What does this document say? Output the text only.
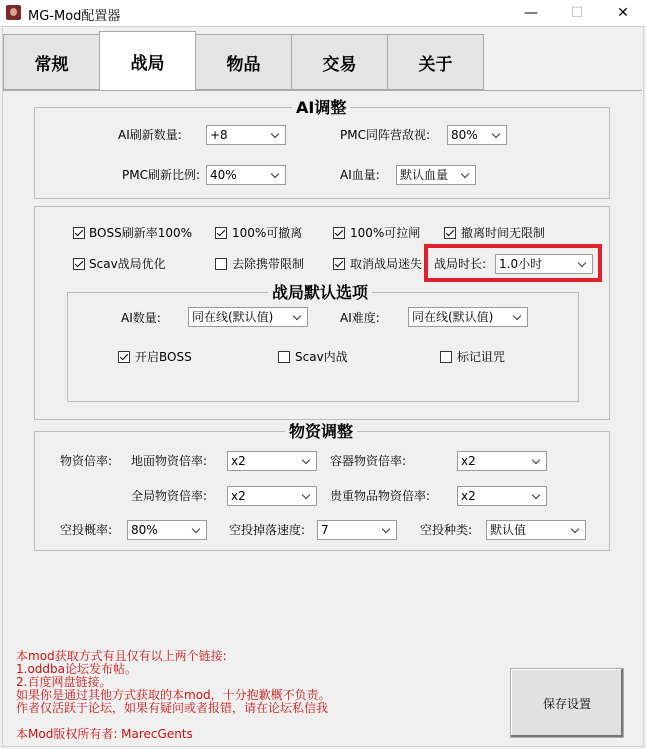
MG-Mod配置器	—	☐	✕
常规	战局	物品	交易	关于
AI调整
AI刷新数量:	+8	PMC同阵营敌视:	80%
PMC刷新比例: 40%	AI血量:	默认血量
BOSS刷新率100%	100%可撤离	100%可拉闸	撤离时间无限制
Scav战局优化	去除携带限制	取消战局迷失 战局时长:	1.0小时
战局默认选项
AI数量:	同在线(默认值)	AI难度:	同在线(默认值)
开启BOSS	Scav内战	标记诅咒
物资调整
物资倍率: 地面物资倍率:	x2	容器物资倍率:	x2
全局物资倍率:	x2	贵重物品物资倍率:	x2
空投概率:	80%	空投掉落速度:	7	空投种类:	默认值
本mod获取方式有且仅有以上两个链接:
1.oddba论坛发布帖。
2.百度网盘链接。
如果你是通过其他方式获取的本mod，十分抱歉概不负责。
作者仅活跃于论坛，如果有疑问或者报错，请在论坛私信我
本Mod版权所有者: MarecGents
保存设置
